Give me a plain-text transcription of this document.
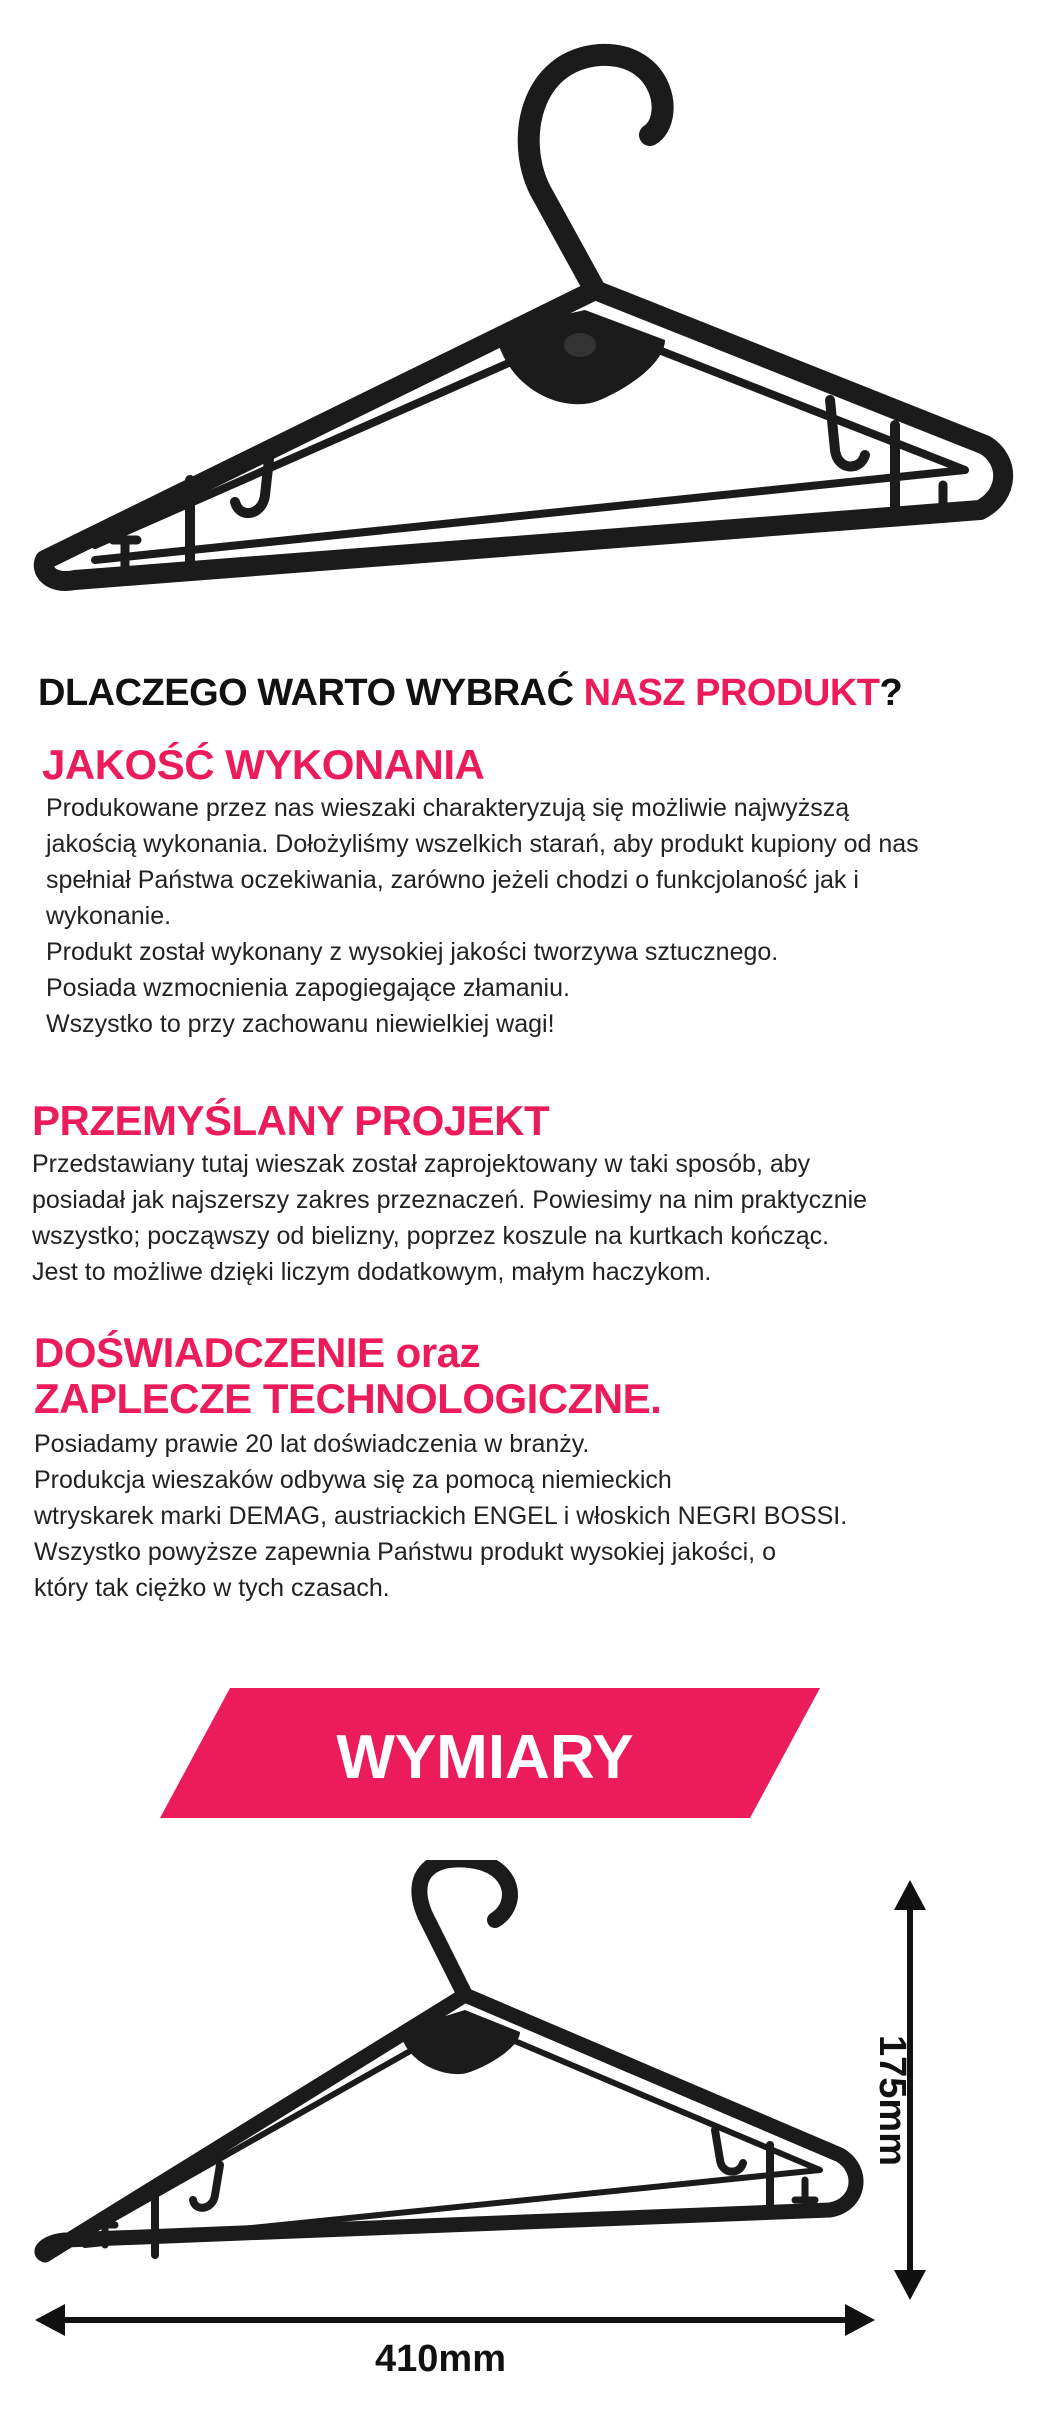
DLACZEGO WARTO WYBRAĆ NASZ PRODUKT?
JAKOŚĆ WYKONANIA

Produkowane przez nas wieszaki charakteryzują się możliwie najwyższą

jakością wykonania. Dołożyliśmy wszelkich starań, aby produkt kupiony od nas

spełniał Państwa oczekiwania, zarówno jeżeli chodzi o funkcjolaność jak i

wykonanie.

Produkt został wykonany z wysokiej jakości tworzywa sztucznego.

Posiada wzmocnienia zapogiegające złamaniu.

Wszystko to przy zachowanu niewielkiej wagi!

PRZEMYŚLANY PROJEKT

Przedstawiany tutaj wieszak został zaprojektowany w taki sposób, aby

posiadał jak najszerszy zakres przeznaczeń. Powiesimy na nim praktycznie

wszystko; począwszy od bielizny, poprzez koszule na kurtkach kończąc.

Jest to możliwe dzięki liczym dodatkowym, małym haczykom.

DOŚWIADCZENIE oraz
ZAPLECZE TECHNOLOGICZNE.

Posiadamy prawie 20 lat doświadczenia w branży.

Produkcja wieszaków odbywa się za pomocą niemieckich

wtryskarek marki DEMAG, austriackich ENGEL i włoskich NEGRI BOSSI.

Wszystko powyższe zapewnia Państwu produkt wysokiej jakości, o

który tak ciężko w tych czasach.

WYMIARY
175mm
410mm
